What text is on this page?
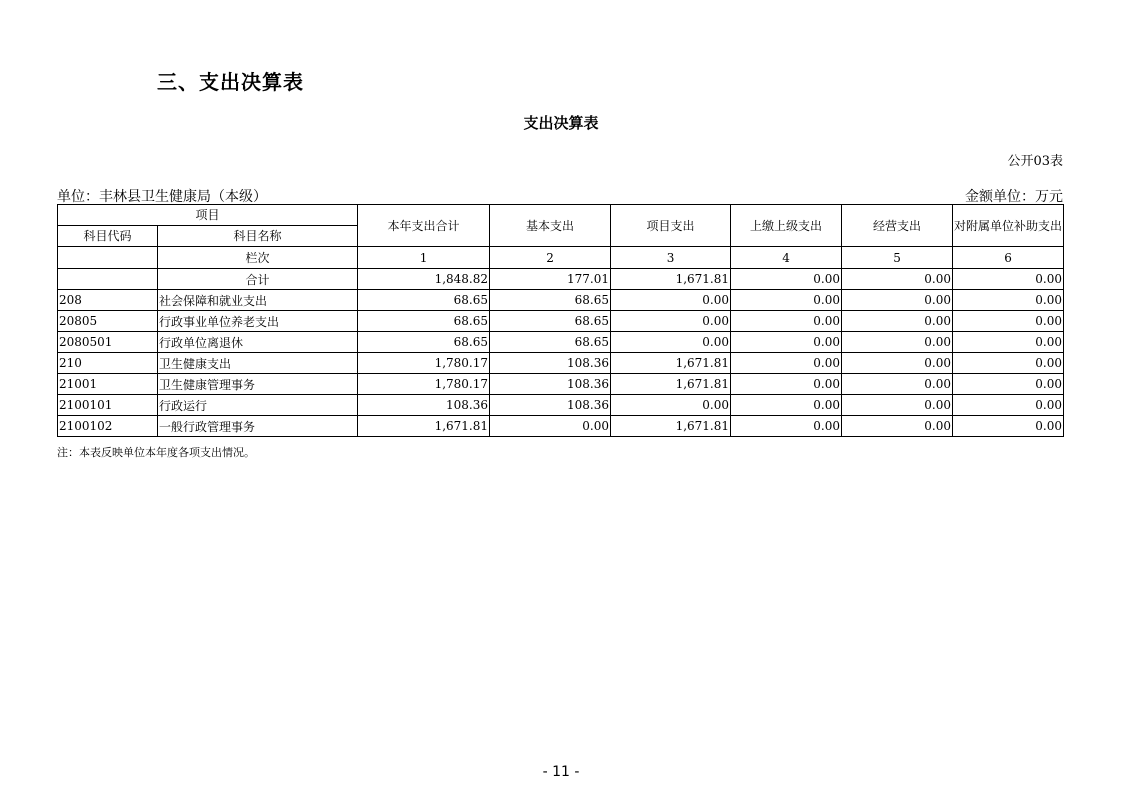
三、支出决算表
支出决算表
公开03表
单位：丰林县卫生健康局（本级）	金额单位：万元
项目		本年支出合计	基本支出	项目支出	上缴上级支出	经营支出	对附属单位补助支出
科目代码	科目名称						
	栏次	1	2	3	4	5	6
	合计	1,848.82	177.01	1,671.81	0.00	0.00	0.00
208	社会保障和就业支出	68.65	68.65	0.00	0.00	0.00	0.00
20805	行政事业单位养老支出	68.65	68.65	0.00	0.00	0.00	0.00
2080501	行政单位离退休	68.65	68.65	0.00	0.00	0.00	0.00
210	卫生健康支出	1,780.17	108.36	1,671.81	0.00	0.00	0.00
21001	卫生健康管理事务	1,780.17	108.36	1,671.81	0.00	0.00	0.00
2100101	行政运行	108.36	108.36	0.00	0.00	0.00	0.00
2100102	一般行政管理事务	1,671.81	0.00	1,671.81	0.00	0.00	0.00
注：本表反映单位本年度各项支出情况。
- 11 -
